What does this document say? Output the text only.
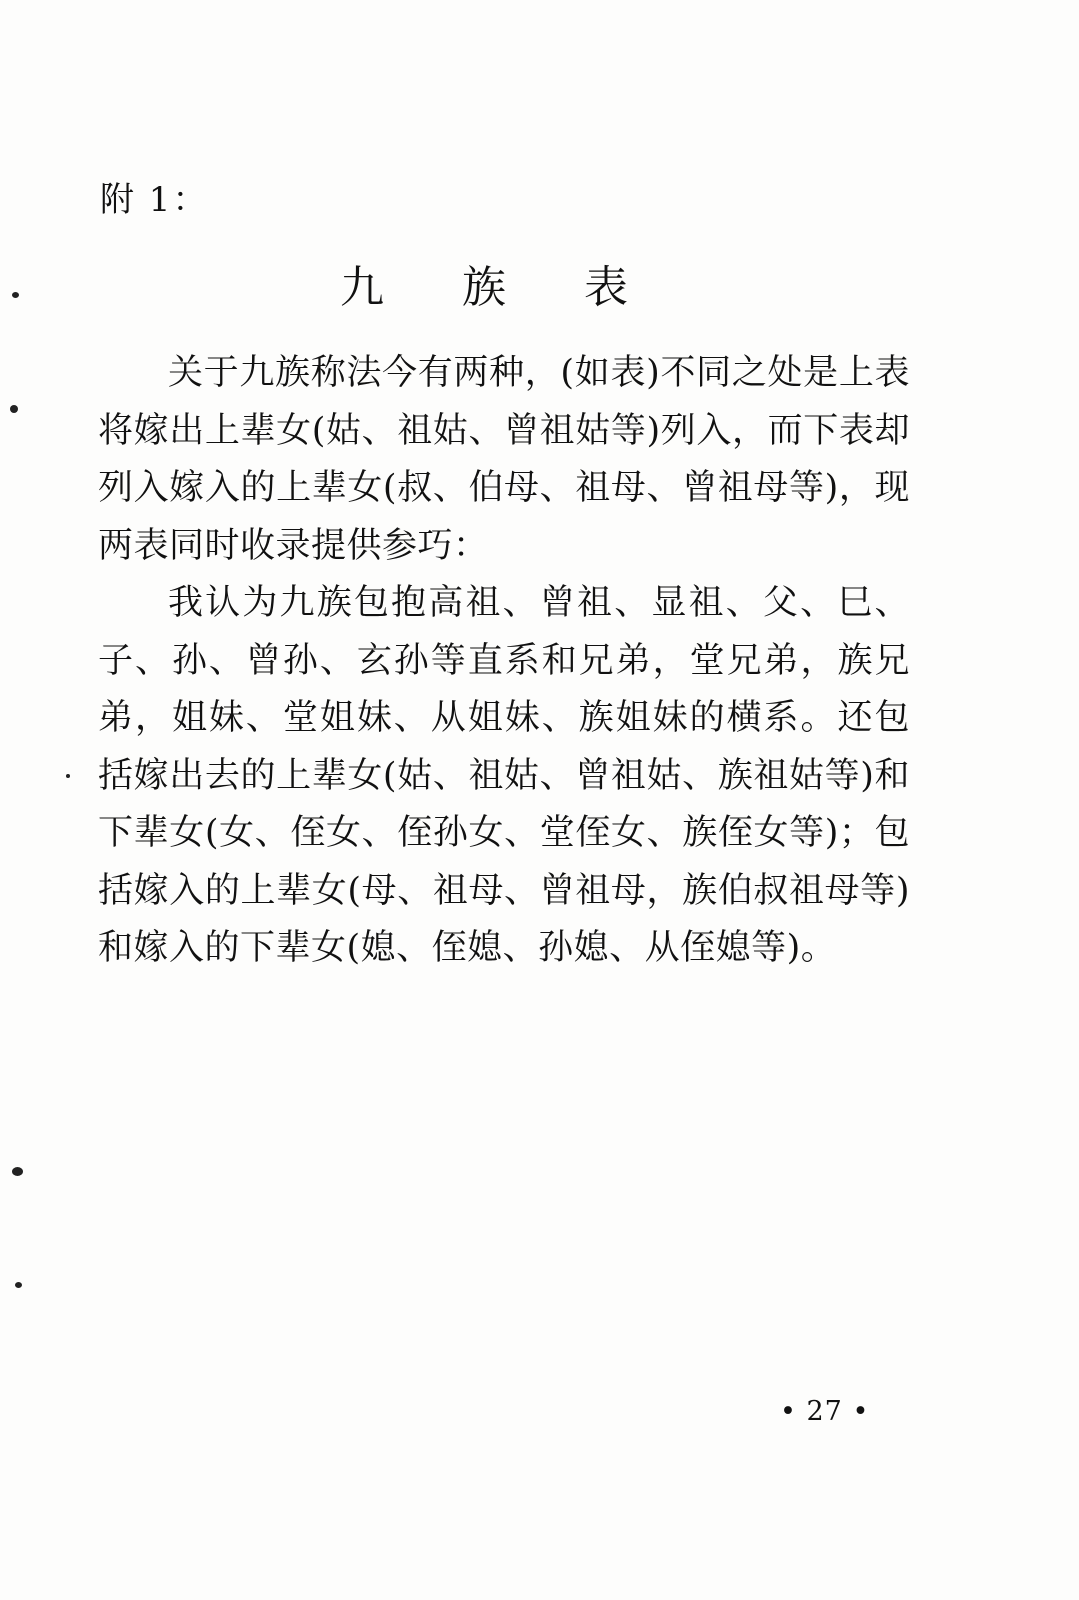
附 1：
九 族 表

关于九族称法今有两种，(如表)不同之处是上表将嫁出上辈女(姑、祖姑、曾祖姑等)列入，而下表却列入嫁入的上辈女(叔、伯母、祖母、曾祖母等)，现两表同时收录提供参巧：

我认为九族包抱高祖、曾祖、显祖、父、巳、子、孙、曾孙、玄孙等直系和兄弟，堂兄弟，族兄弟，姐妹、堂姐妹、从姐妹、族姐妹的横系。还包括嫁出去的上辈女(姑、祖姑、曾祖姑、族祖姑等)和下辈女(女、侄女、侄孙女、堂侄女、族侄女等)；包括嫁入的上辈女(母、祖母、曾祖母，族伯叔祖母等)和嫁入的下辈女(媳、侄媳、孙媳、从侄媳等)。

• 27 •
